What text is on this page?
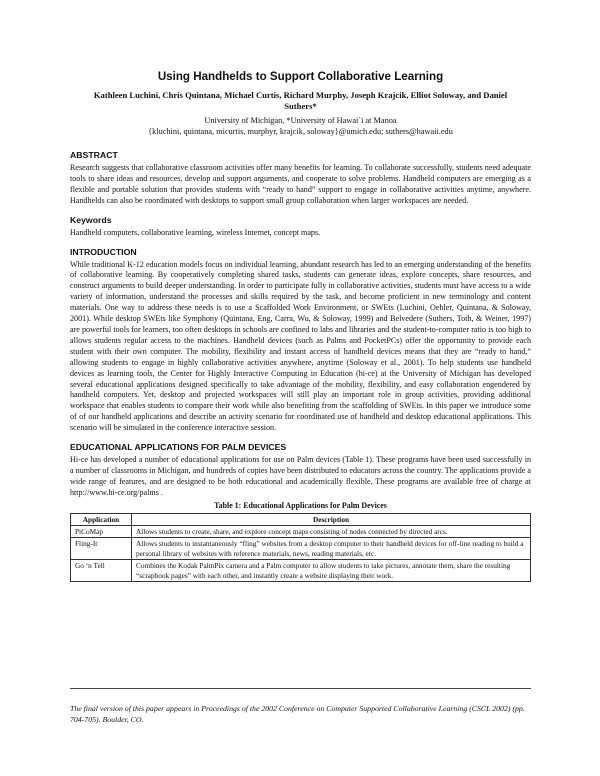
Using Handhelds to Support Collaborative Learning
Kathleen Luchini, Chris Quintana, Michael Curtis, Richard Murphy, Joseph Krajcik, Elliot Soloway, and Daniel Suthers*
University of Michigan, *University of Hawai`i at Manoa
{kluchini, quintana, micurtis, murphyr, krajcik, soloway}@umich.edu; suthers@hawaii.edu
ABSTRACT

Research suggests that collaborative classroom activities offer many benefits for learning. To collaborate successfully, students need adequate tools to share ideas and resources, develop and support arguments, and cooperate to solve problems. Handheld computers are emerging as a flexible and portable solution that provides students with “ready to hand” support to engage in collaborative activities anytime, anywhere. Handhelds can also be coordinated with desktops to support small group collaboration when larger workspaces are needed.

Keywords

Handheld computers, collaborative learning, wireless Internet, concept maps.

INTRODUCTION

While traditional K-12 education models focus on individual learning, abundant research has led to an emerging understanding of the benefits of collaborative learning. By cooperatively completing shared tasks, students can generate ideas, explore concepts, share resources, and construct arguments to build deeper understanding. In order to participate fully in collaborative activities, students must have access to a wide variety of information, understand the processes and skills required by the task, and become proficient in new terminology and content materials. One way to address these needs is to use a Scaffolded Work Environment, or SWEts (Luchini, Oehler, Quintana, & Soloway, 2001). While desktop SWEts like Symphony (Quintana, Eng, Carra, Wu, & Soloway, 1999) and Belvedere (Suthers, Toth, & Weiner, 1997) are powerful tools for learners, too often desktops in schools are confined to labs and libraries and the student-to-computer ratio is too high to allows students regular access to the machines. Handheld devices (such as Palms and PocketPCs) offer the opportunity to provide each student with their own computer. The mobility, flexibility and instant access of handheld devices means that they are “ready to hand,” allowing students to engage in highly collaborative activities anywhere, anytime (Soloway et al., 2001). To help students use handheld devices as learning tools, the Center for Highly Interactive Computing in Education (hi-ce) at the University of Michigan has developed several educational applications designed specifically to take advantage of the mobility, flexibility, and easy collaboration engendered by handheld computers. Yet, desktop and projected workspaces will still play an important role in group activities, providing additional workspace that enables students to compare their work while also benefiting from the scaffolding of SWEts. In this paper we introduce some of of our handheld applications and describe an activity scenario for coordinated use of handheld and desktop educational applications. This scenario will be simulated in the conference interactive session.

EDUCATIONAL APPLICATIONS FOR PALM DEVICES

Hi-ce has developed a number of educational applications for use on Palm devices (Table 1). These programs have been used successfully in a number of classrooms in Michigan, and hundreds of copies have been distributed to educators across the country. The applications provide a wide range of features, and are designed to be both educational and academically flexible. These programs are available free of charge at http://www.hi-ce.org/palms .

Table 1: Educational Applications for Palm Devices
Application	Description
PiCoMap	Allows students to create, share, and explore concept maps consisting of nodes connected by directed arcs.
Fling-It	Allows students to instantaneously “fling” websites from a desktop computer to their handheld devices for off-line reading to build a personal library of websites with reference materials, news, reading materials, etc.
Go ‘n Tell	Combines the Kodak PalmPix camera and a Palm computer to allow students to take pictures, annotate them, share the resulting “scrapbook pages” with each other, and instantly create a website displaying their work.
The final version of this paper appears in Proceedings of the 2002 Conference on Computer Supported Collaborative Learning (CSCL 2002) (pp. 704-705). Boulder, CO.
